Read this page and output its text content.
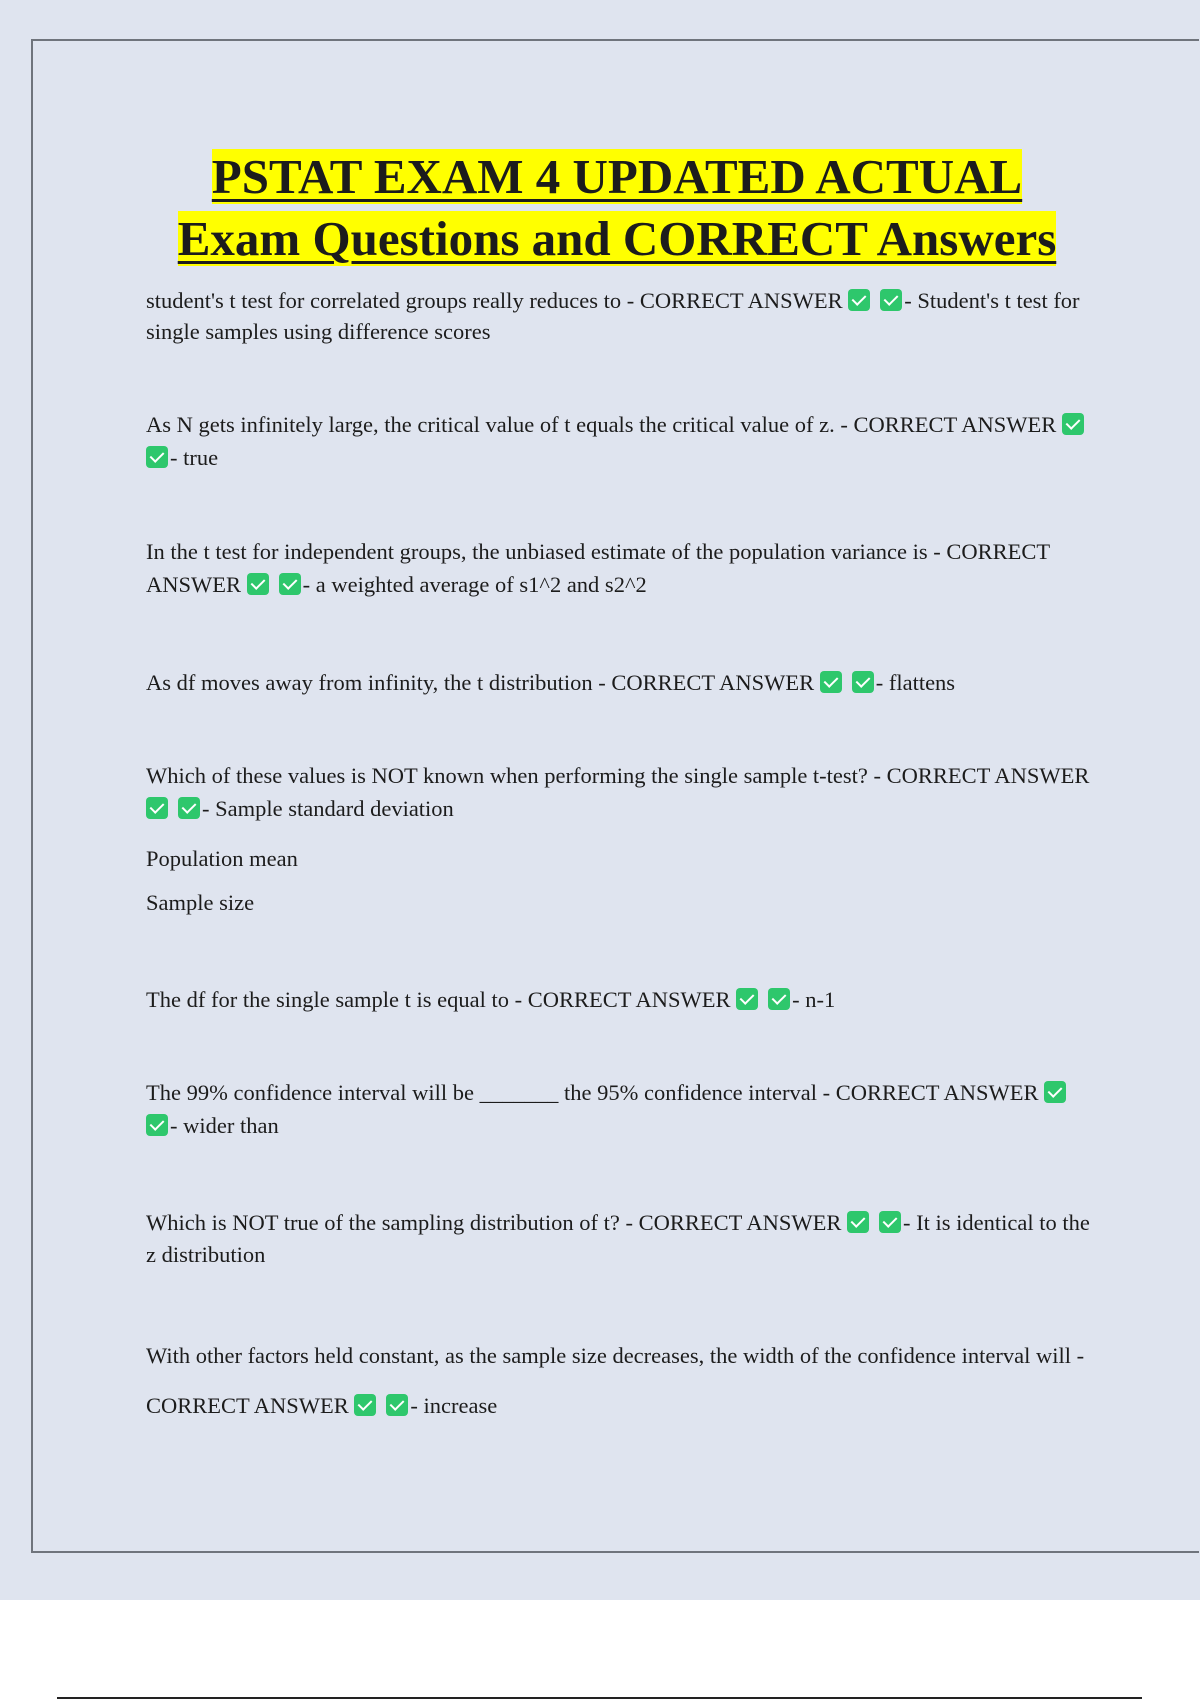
PSTAT EXAM 4 UPDATED ACTUAL
Exam Questions and CORRECT Answers

student's t test for correlated groups really reduces to - CORRECT ANSWER	- Student's t test for single samples using difference scores

As N gets infinitely large, the critical value of t equals the critical value of z. - CORRECT ANSWER - true

In the t test for independent groups, the unbiased estimate of the population variance is - CORRECT ANSWER	- a weighted average of s1^2 and s2^2

As df moves away from infinity, the t distribution - CORRECT ANSWER	- flattens

Which of these values is NOT known when performing the single sample t-test? - CORRECT ANSWER - Sample standard deviation

Population mean

Sample size

The df for the single sample t is equal to - CORRECT ANSWER	- n-1

The 99% confidence interval will be _______ the 95% confidence interval - CORRECT ANSWER - wider than

Which is NOT true of the sampling distribution of t? - CORRECT ANSWER	- It is identical to the z distribution

With other factors held constant, as the sample size decreases, the width of the confidence interval will - CORRECT ANSWER	- increase
